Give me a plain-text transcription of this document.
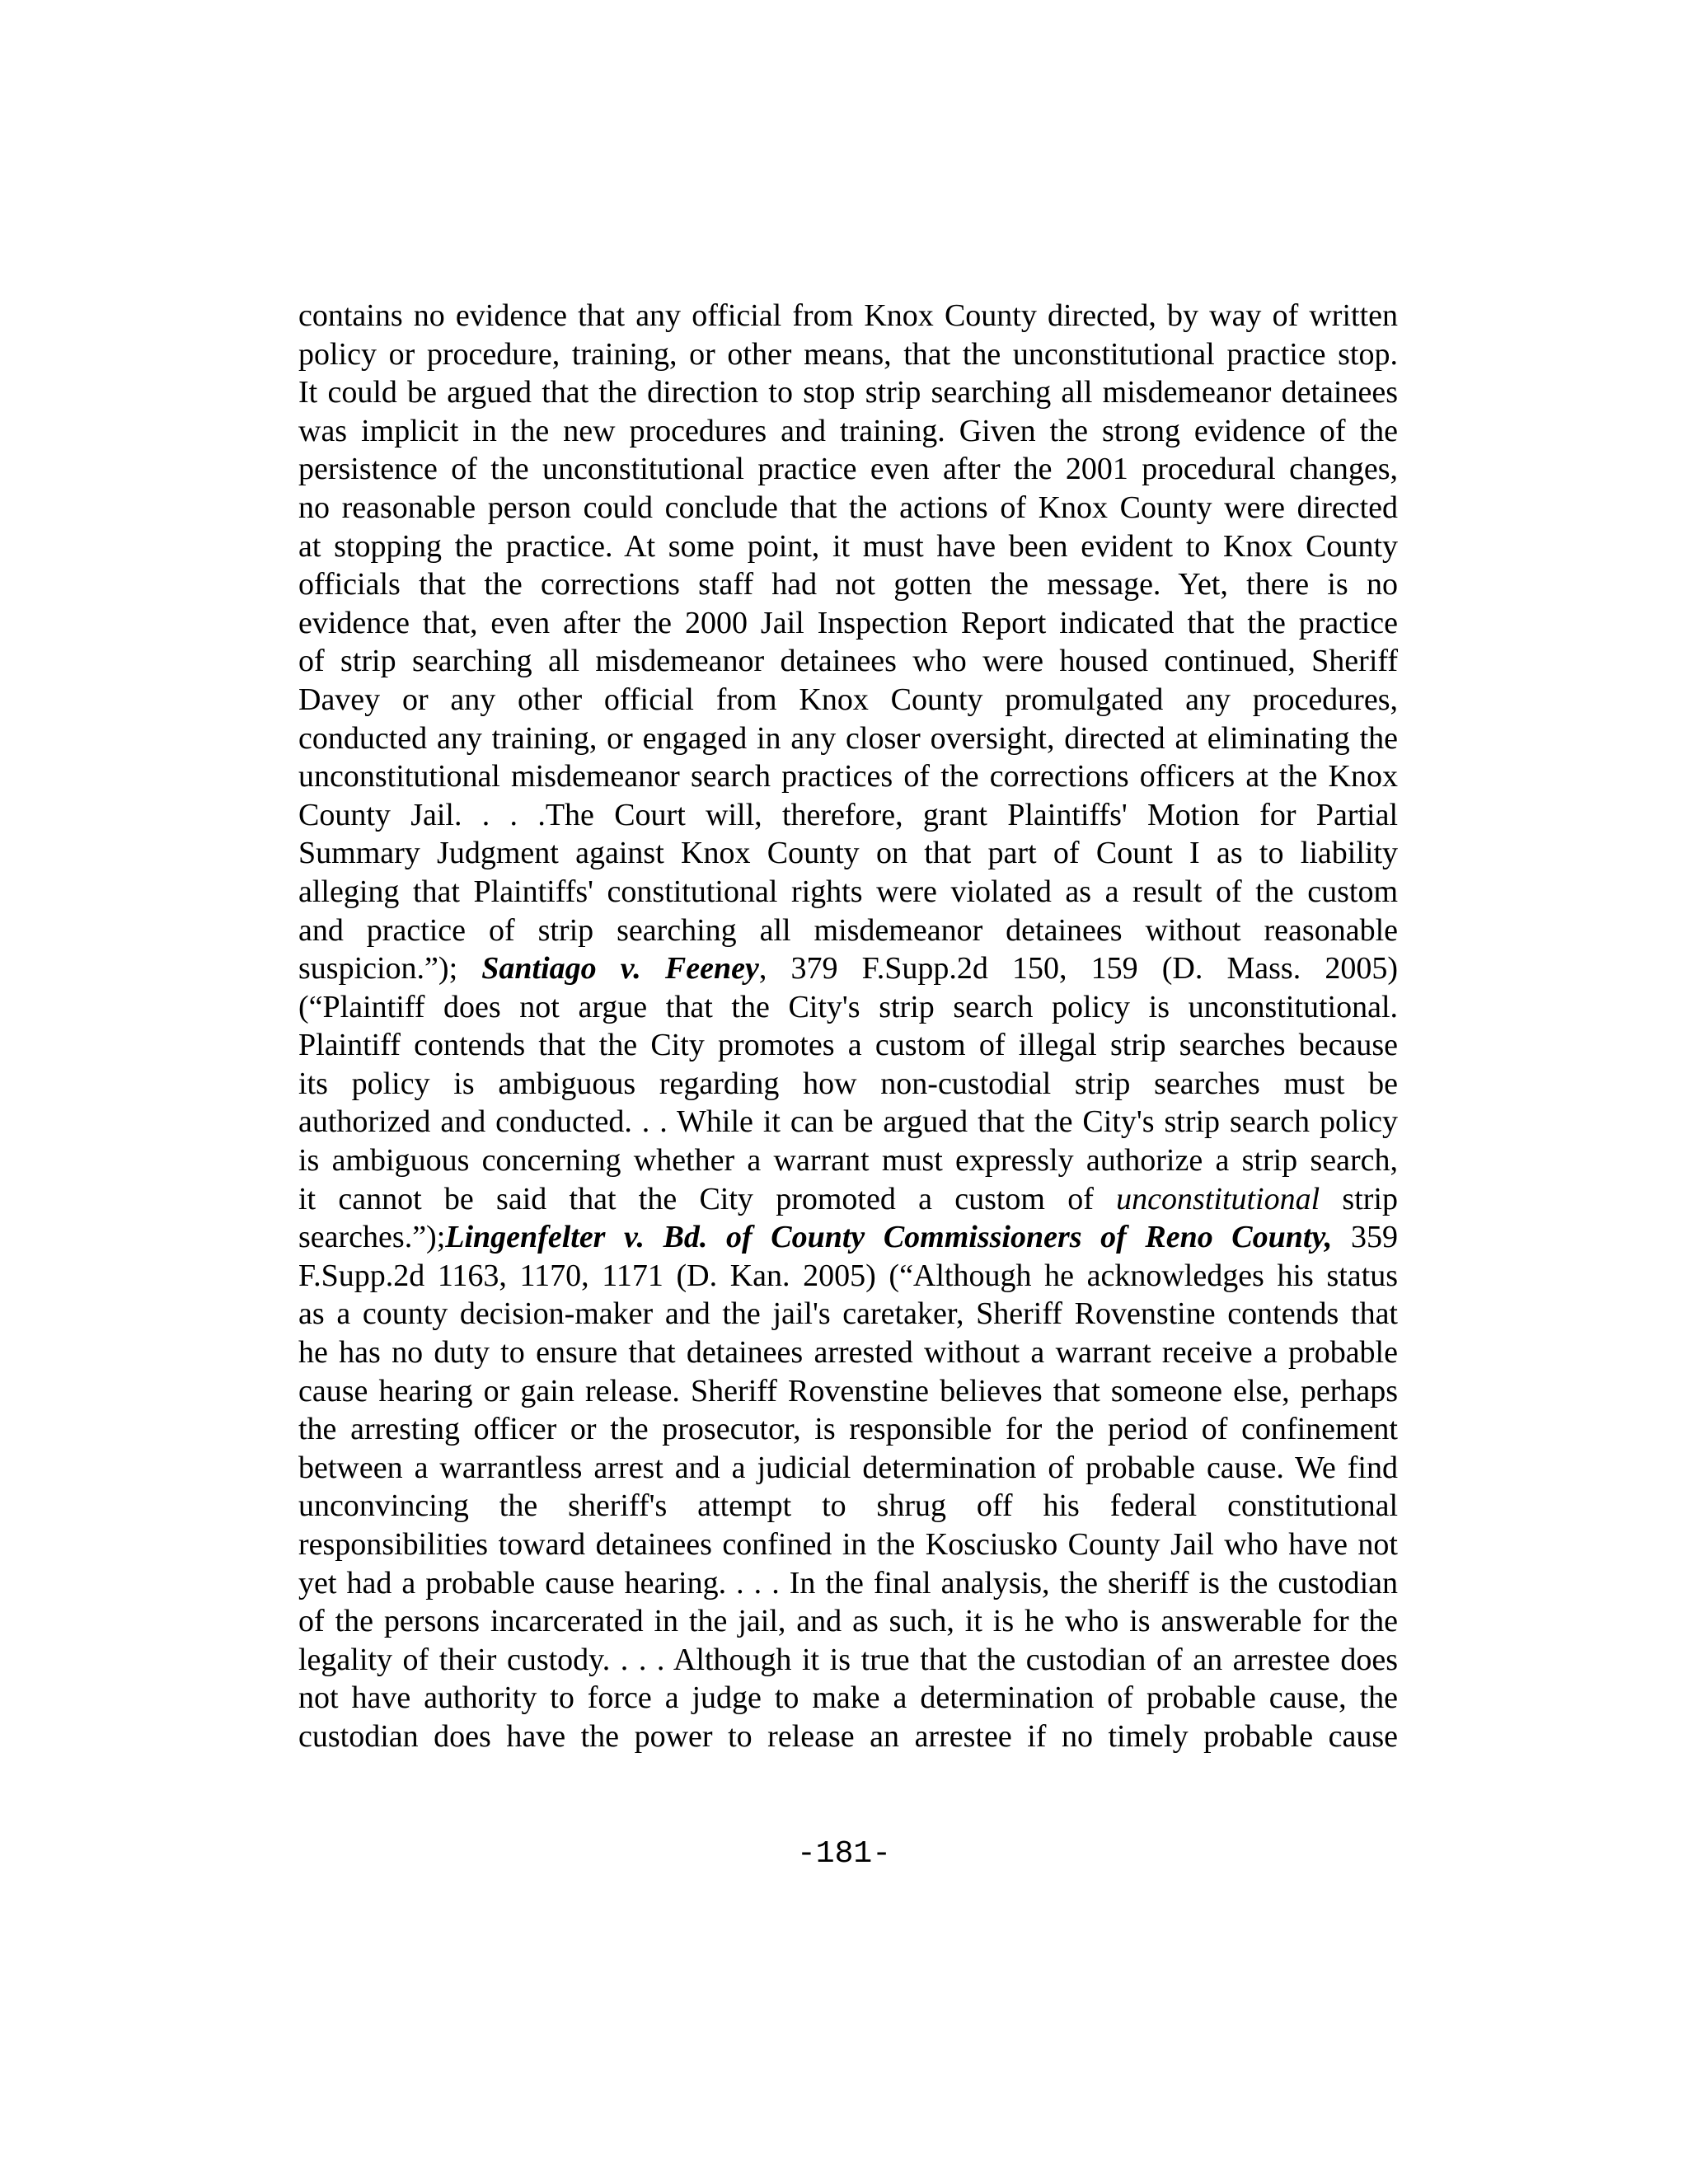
contains no evidence that any official from Knox County directed, by way of written
policy or procedure, training, or other means, that the unconstitutional practice stop.
It could be argued that the direction to stop strip searching all misdemeanor detainees
was implicit in the new procedures and training. Given the strong evidence of the
persistence of the unconstitutional practice even after the 2001 procedural changes,
no reasonable person could conclude that the actions of Knox County were directed
at stopping the practice. At some point, it must have been evident to Knox County
officials that the corrections staff had not gotten the message. Yet, there is no
evidence that, even after the 2000 Jail Inspection Report indicated that the practice
of strip searching all misdemeanor detainees who were housed continued, Sheriff
Davey or any other official from Knox County promulgated any procedures,
conducted any training, or engaged in any closer oversight, directed at eliminating the
unconstitutional misdemeanor search practices of the corrections officers at the Knox
County Jail. . . .The Court will, therefore, grant Plaintiffs' Motion for Partial
Summary Judgment against Knox County on that part of Count I as to liability
alleging that Plaintiffs' constitutional rights were violated as a result of the custom
and practice of strip searching all misdemeanor detainees without reasonable
suspicion.”); Santiago v. Feeney, 379 F.Supp.2d 150, 159 (D. Mass. 2005)
(“Plaintiff does not argue that the City's strip search policy is unconstitutional.
Plaintiff contends that the City promotes a custom of illegal strip searches because
its policy is ambiguous regarding how non-custodial strip searches must be
authorized and conducted. . . While it can be argued that the City's strip search policy
is ambiguous concerning whether a warrant must expressly authorize a strip search,
it cannot be said that the City promoted a custom of unconstitutional strip
searches.”);Lingenfelter v. Bd. of County Commissioners of Reno County, 359
F.Supp.2d 1163, 1170, 1171 (D. Kan. 2005) (“Although he acknowledges his status
as a county decision-maker and the jail's caretaker, Sheriff Rovenstine contends that
he has no duty to ensure that detainees arrested without a warrant receive a probable
cause hearing or gain release. Sheriff Rovenstine believes that someone else, perhaps
the arresting officer or the prosecutor, is responsible for the period of confinement
between a warrantless arrest and a judicial determination of probable cause. We find
unconvincing the sheriff's attempt to shrug off his federal constitutional
responsibilities toward detainees confined in the Kosciusko County Jail who have not
yet had a probable cause hearing. . . . In the final analysis, the sheriff is the custodian
of the persons incarcerated in the jail, and as such, it is he who is answerable for the
legality of their custody. . . . Although it is true that the custodian of an arrestee does
not have authority to force a judge to make a determination of probable cause, the
custodian does have the power to release an arrestee if no timely probable cause
-181-
